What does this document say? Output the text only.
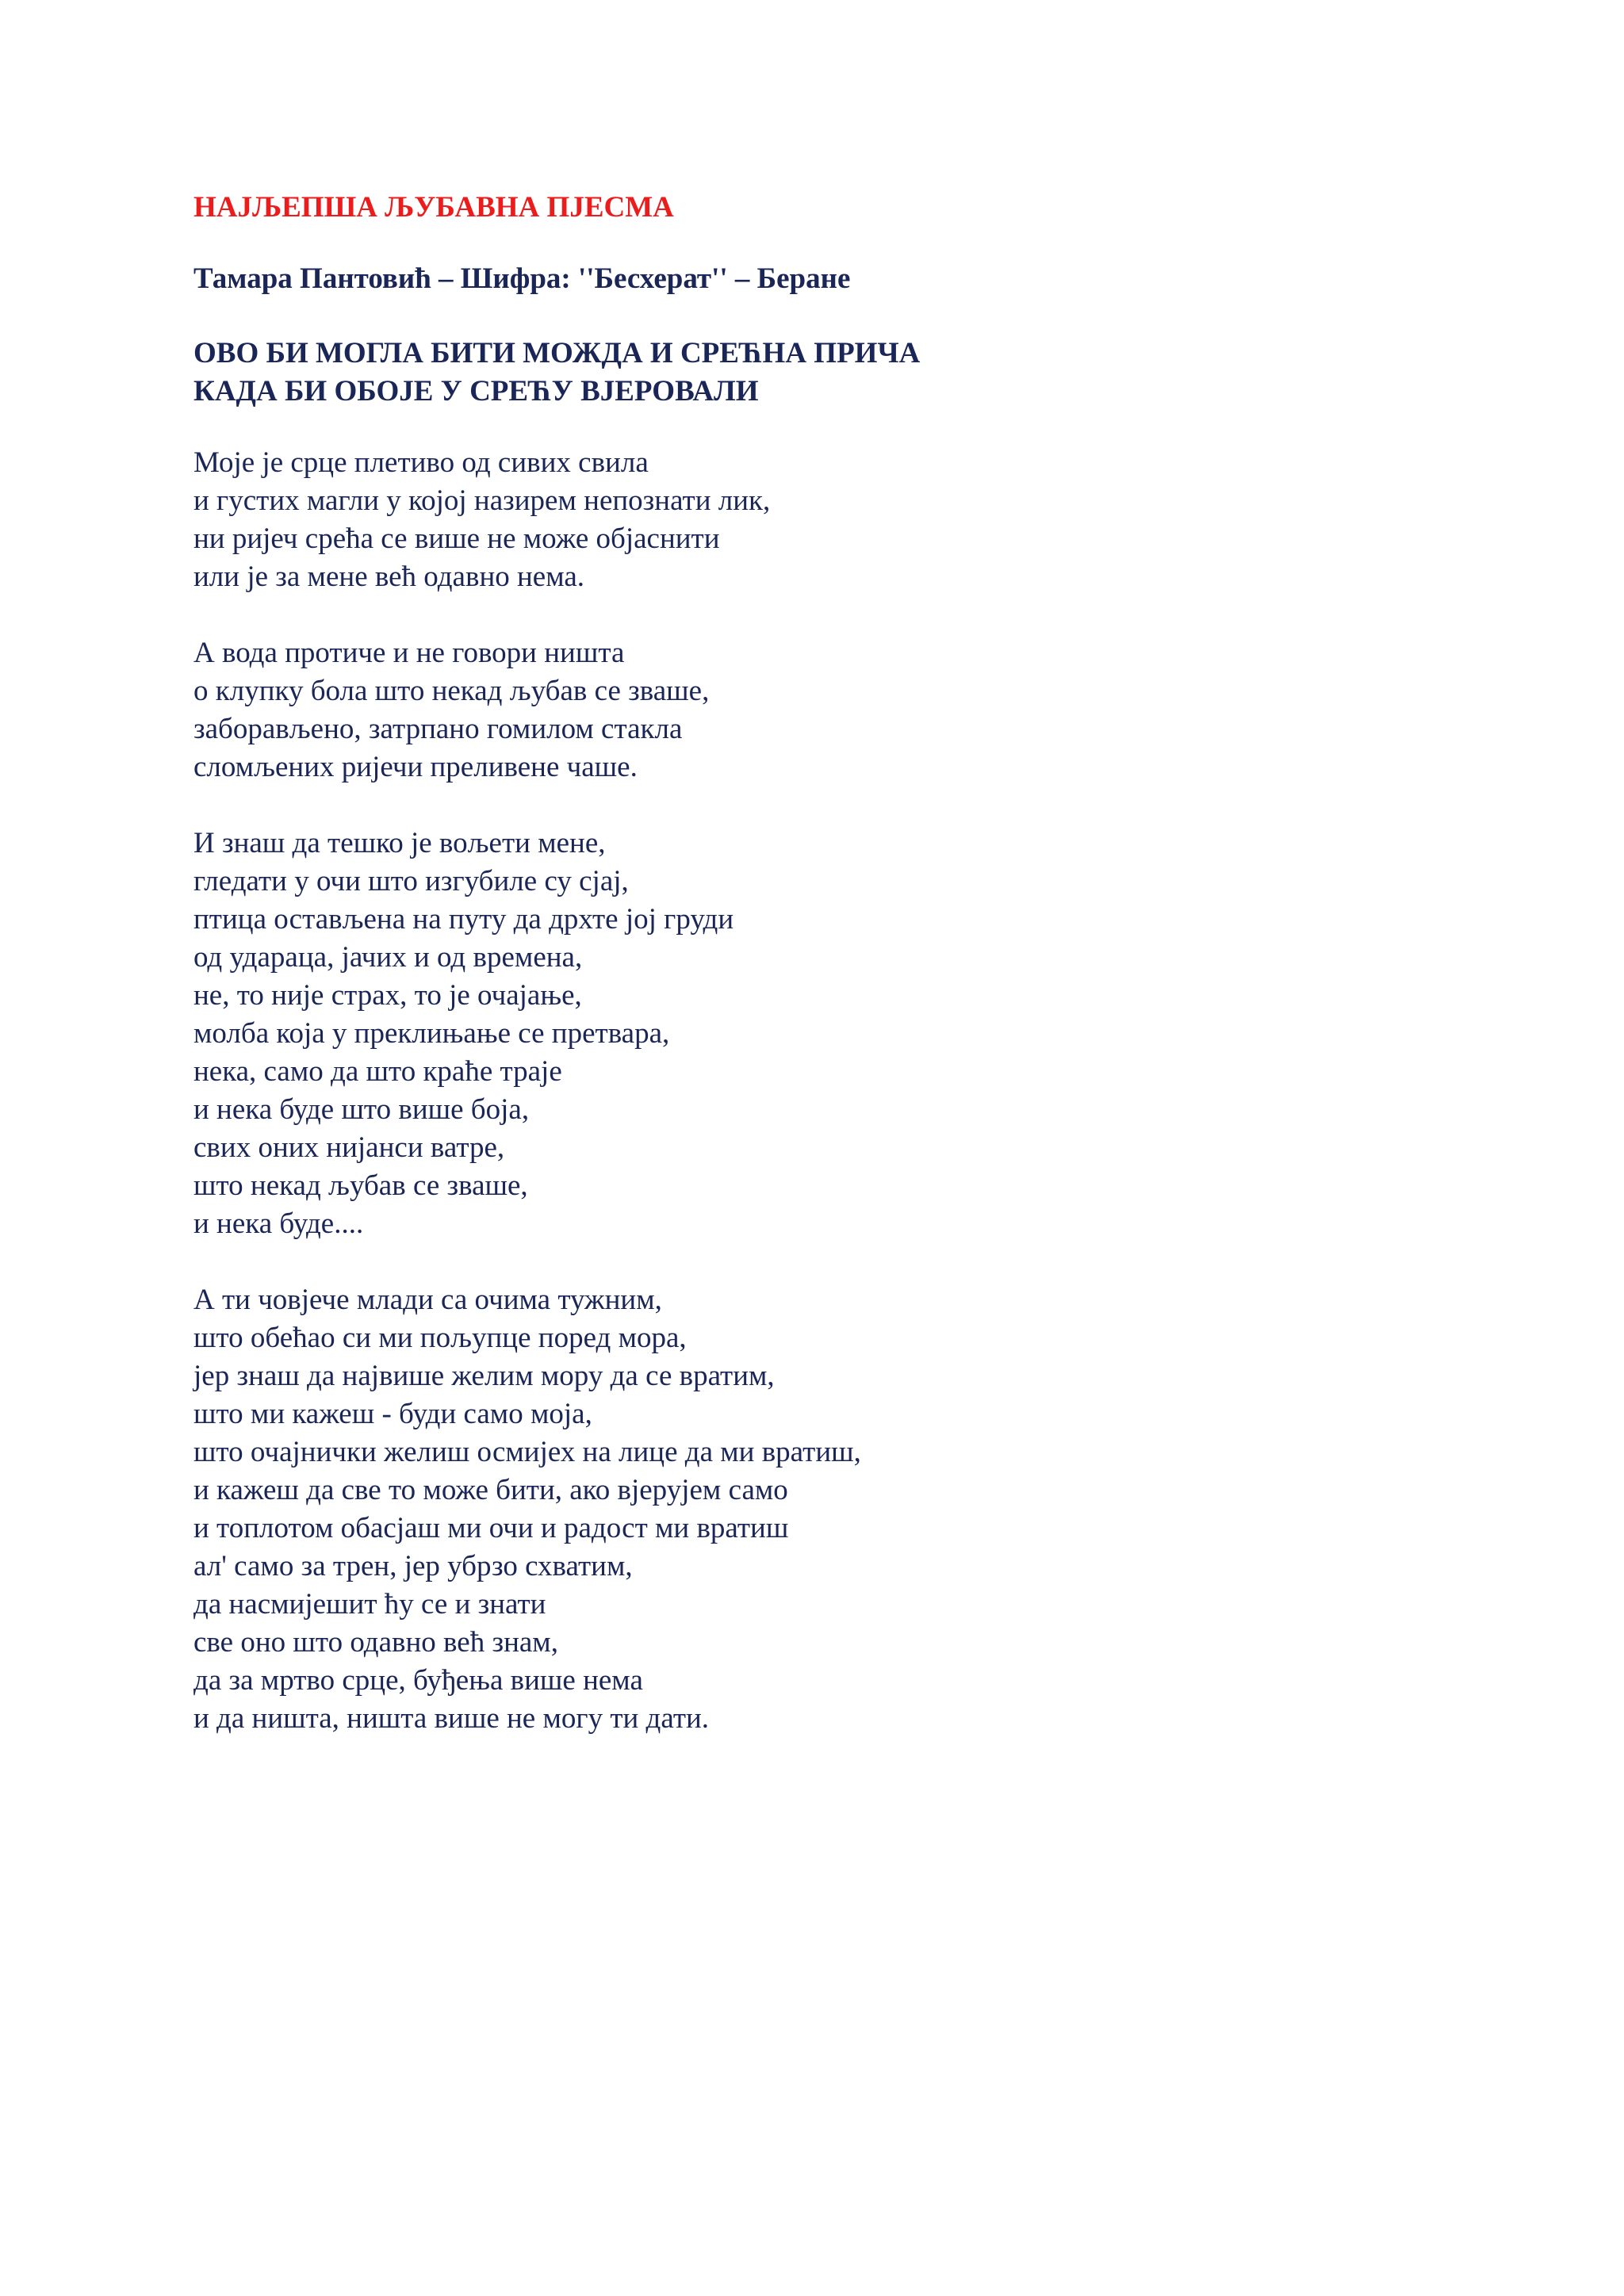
НАЈЉЕПША ЉУБАВНА ПЈЕСМА

Тамара Пантовић – Шифра: ''Бесхерат'' – Беране

ОВО БИ МОГЛА БИТИ МОЖДА И СРЕЋНА ПРИЧА
КАДА БИ ОБОЈЕ У СРЕЋУ ВЈЕРОВАЛИ
Моје је срце плетиво од сивих свила
и густих магли у којој назирем непознати лик,
ни ријеч срећа се више не може објаснити
или је за мене већ одавно нема.
А вода протиче и не говори ништа
о клупку бола што некад љубав се зваше,
заборављено, затрпано гомилом стакла
сломљених ријечи преливене чаше.
И знаш да тешко је вољети мене,
гледати у очи што изгубиле су сјај,
птица остављена на путу да дрхте јој груди
од удараца, јачих и од времена,
не, то није страх, то је очајање,
молба која у преклињање се претвара,
нека, само да што краће траје
и нека буде што више боја,
свих оних нијанси ватре,
што некад љубав се зваше,
и нека буде....
А ти човјече млади са очима тужним,
што обећао си ми пољупце поред мора,
јер знаш да највише желим мору да се вратим,
што ми кажеш - буди само моја,
што очајнички желиш осмијех на лице да ми вратиш,
и кажеш да све то може бити, ако вјерујем само
и топлотом обасјаш ми очи и радост ми вратиш
ал' само за трен, јер убрзо схватим,
да насмијешит ћу се и знати
све оно што одавно већ знам,
да за мртво срце, буђења више нема
и да ништа, ништа више не могу ти дати.
